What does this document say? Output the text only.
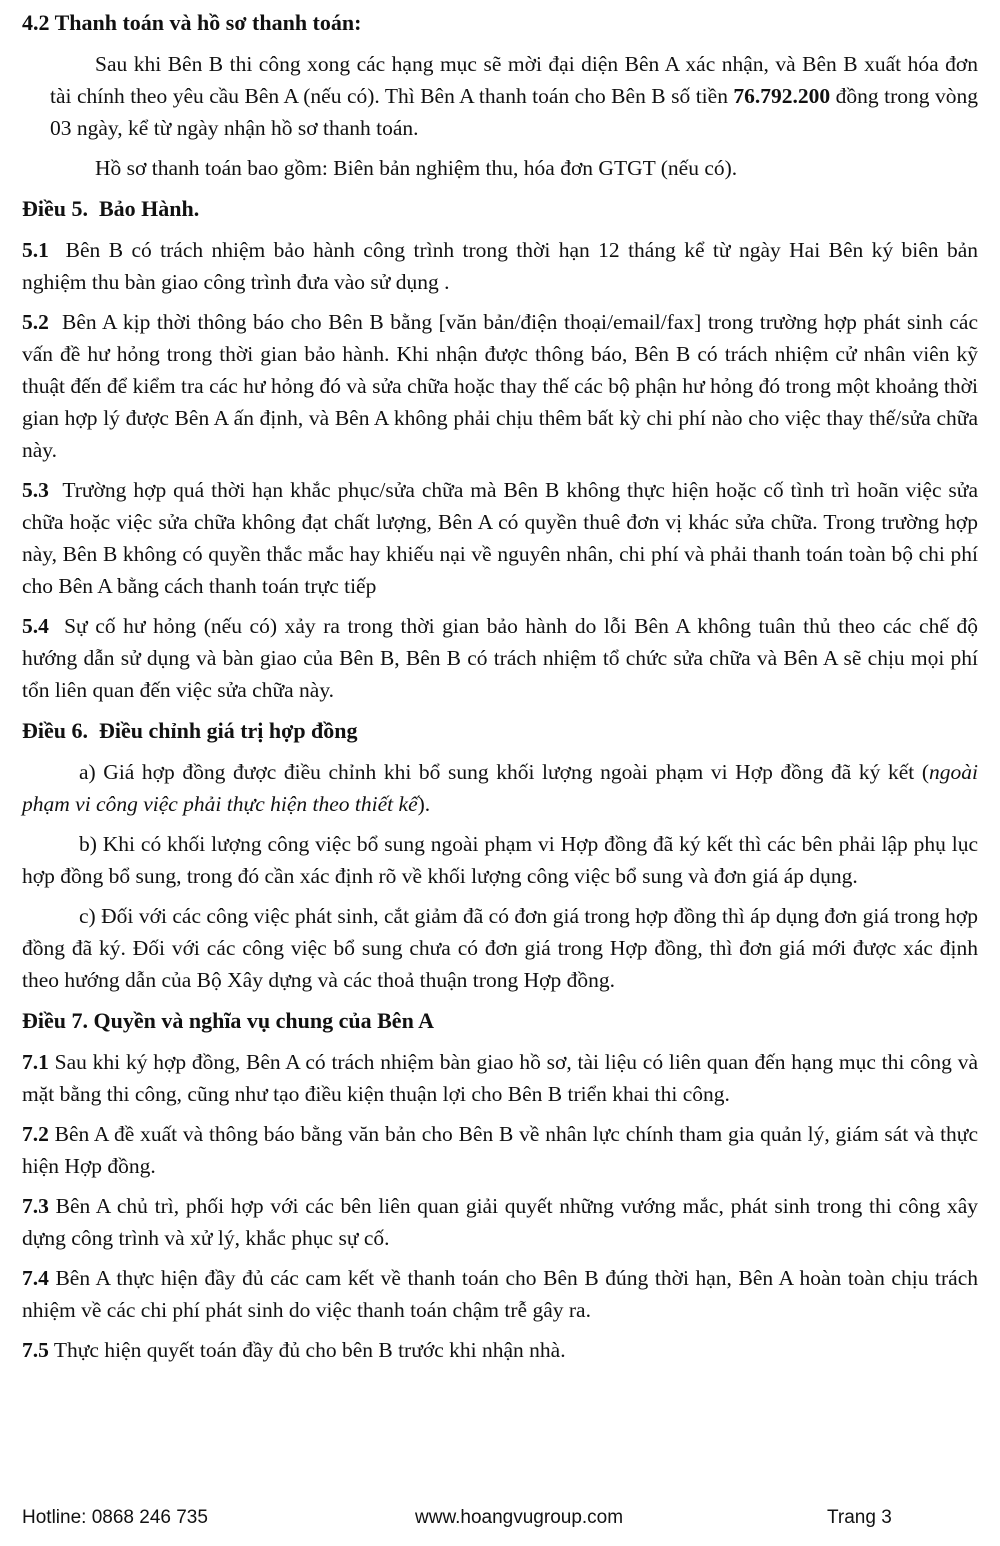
4.2 Thanh toán và hồ sơ thanh toán:

Sau khi Bên B thi công xong các hạng mục sẽ mời đại diện Bên A xác nhận, và Bên B xuất hóa đơn tài chính theo yêu cầu Bên A (nếu có). Thì Bên A thanh toán cho Bên B số tiền 76.792.200 đồng trong vòng 03 ngày, kể từ ngày nhận hồ sơ thanh toán.

Hồ sơ thanh toán bao gồm: Biên bản nghiệm thu, hóa đơn GTGT (nếu có).

Điều 5.  Bảo Hành.

5.1  Bên B có trách nhiệm bảo hành công trình trong thời hạn 12 tháng kể từ ngày Hai Bên ký biên bản nghiệm thu bàn giao công trình đưa vào sử dụng .

5.2  Bên A kịp thời thông báo cho Bên B bằng [văn bản/điện thoại/email/fax] trong trường hợp phát sinh các vấn đề hư hỏng trong thời gian bảo hành. Khi nhận được thông báo, Bên B có trách nhiệm cử nhân viên kỹ thuật đến để kiểm tra các hư hỏng đó và sửa chữa hoặc thay thế các bộ phận hư hỏng đó trong một khoảng thời gian hợp lý được Bên A ấn định, và Bên A không phải chịu thêm bất kỳ chi phí nào cho việc thay thế/sửa chữa này.

5.3  Trường hợp quá thời hạn khắc phục/sửa chữa mà Bên B không thực hiện hoặc cố tình trì hoãn việc sửa chữa hoặc việc sửa chữa không đạt chất lượng, Bên A có quyền thuê đơn vị khác sửa chữa. Trong trường hợp này, Bên B không có quyền thắc mắc hay khiếu nại về nguyên nhân, chi phí và phải thanh toán toàn bộ chi phí cho Bên A bằng cách thanh toán trực tiếp

5.4  Sự cố hư hỏng (nếu có) xảy ra trong thời gian bảo hành do lỗi Bên A không tuân thủ theo các chế độ hướng dẫn sử dụng và bàn giao của Bên B, Bên B có trách nhiệm tổ chức sửa chữa và Bên A sẽ chịu mọi phí tổn liên quan đến việc sửa chữa này.

Điều 6.  Điều chỉnh giá trị hợp đồng

a) Giá hợp đồng được điều chỉnh khi bổ sung khối lượng ngoài phạm vi Hợp đồng đã ký kết (ngoài phạm vi công việc phải thực hiện theo thiết kế).

b) Khi có khối lượng công việc bổ sung ngoài phạm vi Hợp đồng đã ký kết thì các bên phải lập phụ lục hợp đồng bổ sung, trong đó cần xác định rõ về khối lượng công việc bổ sung và đơn giá áp dụng.

c) Đối với các công việc phát sinh, cắt giảm đã có đơn giá trong hợp đồng thì áp dụng đơn giá trong hợp đồng đã ký. Đối với các công việc bổ sung chưa có đơn giá trong Hợp đồng, thì đơn giá mới được xác định theo hướng dẫn của Bộ Xây dựng và các thoả thuận trong Hợp đồng.

Điều 7. Quyền và nghĩa vụ chung của Bên A

7.1 Sau khi ký hợp đồng, Bên A có trách nhiệm bàn giao hồ sơ, tài liệu có liên quan đến hạng mục thi công và mặt bằng thi công, cũng như tạo điều kiện thuận lợi cho Bên B triển khai thi công.

7.2 Bên A đề xuất và thông báo bằng văn bản cho Bên B về nhân lực chính tham gia quản lý, giám sát và thực hiện Hợp đồng.

7.3 Bên A chủ trì, phối hợp với các bên liên quan giải quyết những vướng mắc, phát sinh trong thi công xây dựng công trình và xử lý, khắc phục sự cố.

7.4 Bên A thực hiện đầy đủ các cam kết về thanh toán cho Bên B đúng thời hạn, Bên A hoàn toàn chịu trách nhiệm về các chi phí phát sinh do việc thanh toán chậm trễ gây ra.

7.5 Thực hiện quyết toán đầy đủ cho bên B trước khi nhận nhà.

Hotline: 0868 246 735	www.hoangvugroup.com	Trang 3
